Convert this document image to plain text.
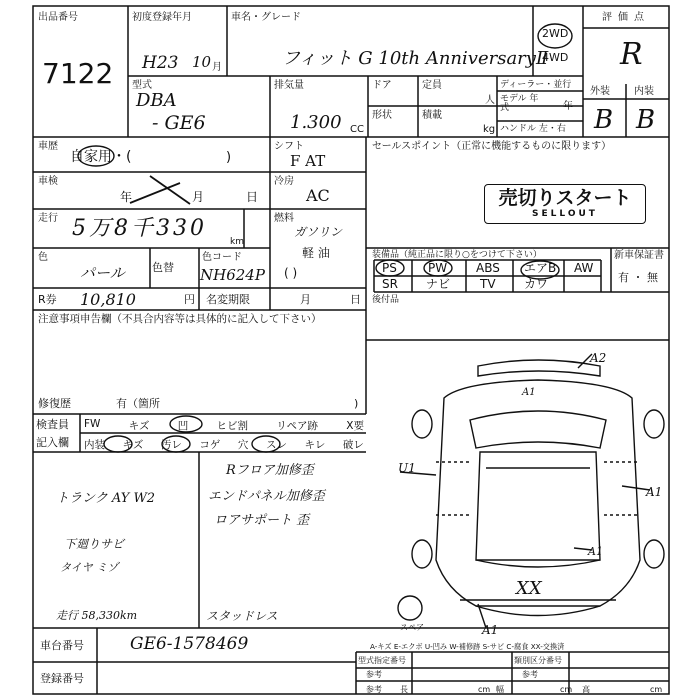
出品番号
7122
初度登録年月
H23 10 月
車名・グレード
フィット G 10th AnniversaryⅡ
2WD
4WD
評価点
R
型式
DBA
- GE6
排気量
1.300 CC
ドア	定員
人
形状	積載
kg
ディーラー・並行
モデル 年式	年
ハンドル 左・右
外装 内装
B B
車歴
自家用・(	)
車検
年	月	日
走行 5万8千330
km
色
パール 色替
色コード
NH624P
R券 10,810	円 名変期限	月	日
シフト
F AT
冷房
AC
燃料
ガソリン
軽 油
( )
セールスポイント（正常に機能するものに限ります）
売切りスタート
SELLOUT
装備品（純正品に限り○をつけて下さい）
PS	PW ABS エアB AW
SR ナビ TV カワ
後付品
新車保証書
有 ・ 無
注意事項申告欄（不具合内容等は具体的に記入して下さい）
修復歴	有（箇所	)
検査員
記入欄
FW	キズ	凹	ヒビ割	リペア跡	X要
内装 キズ 汚レ コゲ 穴 スレ キレ 破レ
トランク AY W2
下廻りサビ
タイヤ ミゾ
走行 58,330km
Rフロア加修歪
エンドパネル加修歪
ロアサポート 歪
スタッドレス
A2
A1
U1
A1
A1
XX
A1
スペア
車台番号	GE6-1578469
登録番号
A-キズ E-エクボ U-凹み W-補修跡 S-サビ C-腐食 XX-交換済
型式指定番号
参考
類別区分番号
参考
参考 長	cm 幅	cm 高	cm
